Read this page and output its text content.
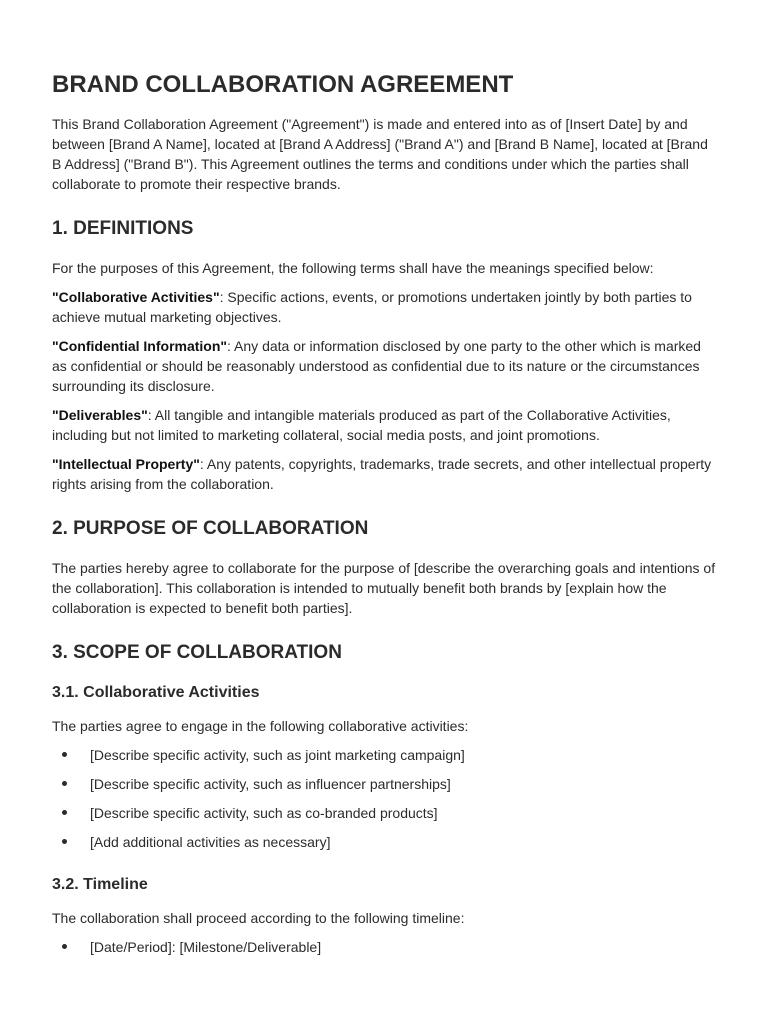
BRAND COLLABORATION AGREEMENT

This Brand Collaboration Agreement ("Agreement") is made and entered into as of [Insert Date] by and between [Brand A Name], located at [Brand A Address] ("Brand A") and [Brand B Name], located at [Brand B Address] ("Brand B"). This Agreement outlines the terms and conditions under which the parties shall collaborate to promote their respective brands.

1. DEFINITIONS

For the purposes of this Agreement, the following terms shall have the meanings specified below:

"Collaborative Activities": Specific actions, events, or promotions undertaken jointly by both parties to achieve mutual marketing objectives.

"Confidential Information": Any data or information disclosed by one party to the other which is marked as confidential or should be reasonably understood as confidential due to its nature or the circumstances surrounding its disclosure.

"Deliverables": All tangible and intangible materials produced as part of the Collaborative Activities, including but not limited to marketing collateral, social media posts, and joint promotions.

"Intellectual Property": Any patents, copyrights, trademarks, trade secrets, and other intellectual property rights arising from the collaboration.

2. PURPOSE OF COLLABORATION

The parties hereby agree to collaborate for the purpose of [describe the overarching goals and intentions of the collaboration]. This collaboration is intended to mutually benefit both brands by [explain how the collaboration is expected to benefit both parties].

3. SCOPE OF COLLABORATION
3.1. Collaborative Activities

The parties agree to engage in the following collaborative activities:

[Describe specific activity, such as joint marketing campaign]
[Describe specific activity, such as influencer partnerships]
[Describe specific activity, such as co-branded products]
[Add additional activities as necessary]
3.2. Timeline

The collaboration shall proceed according to the following timeline:

[Date/Period]: [Milestone/Deliverable]
